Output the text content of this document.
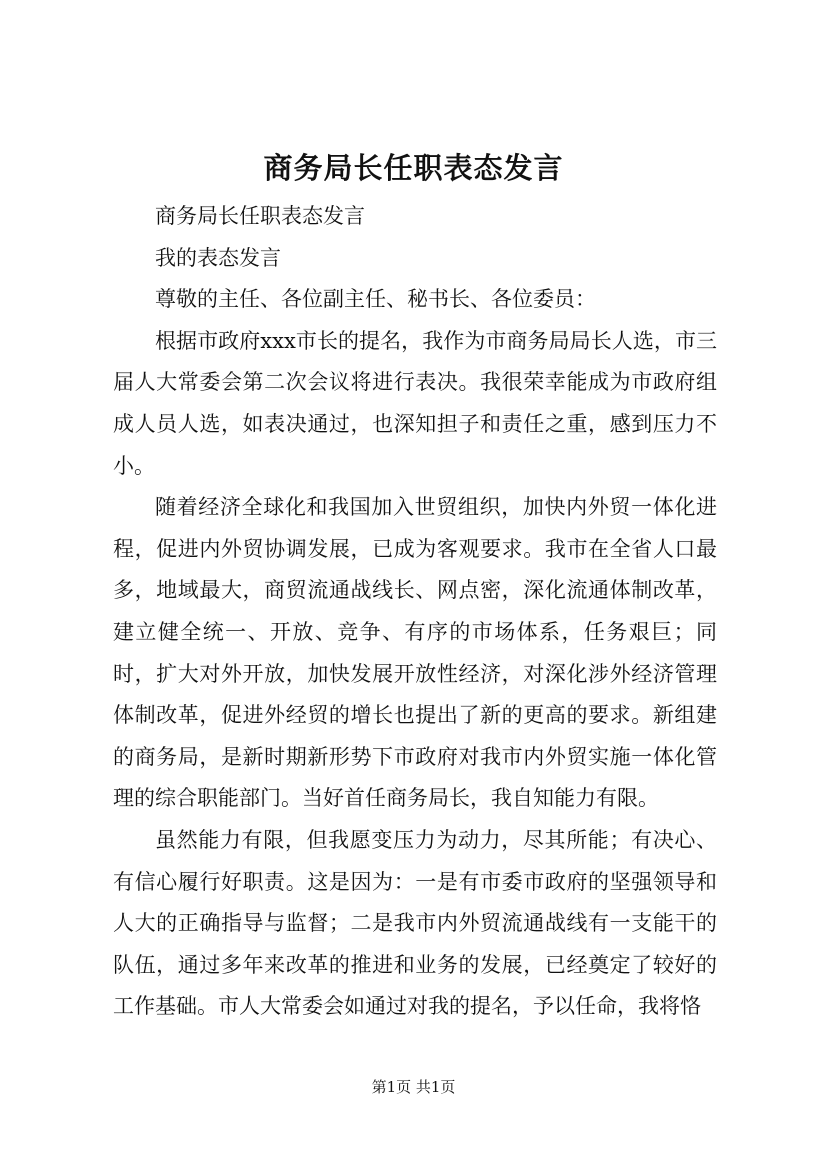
商务局长任职表态发言

商务局长任职表态发言

我的表态发言

尊敬的主任、各位副主任、秘书长、各位委员：

根据市政府xxx市长的提名，我作为市商务局局长人选，市三届人大常委会第二次会议将进行表决。我很荣幸能成为市政府组成人员人选，如表决通过，也深知担子和责任之重，感到压力不小。

随着经济全球化和我国加入世贸组织，加快内外贸一体化进程，促进内外贸协调发展，已成为客观要求。我市在全省人口最多，地域最大，商贸流通战线长、网点密，深化流通体制改革，建立健全统一、开放、竞争、有序的市场体系，任务艰巨；同时，扩大对外开放，加快发展开放性经济，对深化涉外经济管理体制改革，促进外经贸的增长也提出了新的更高的要求。新组建的商务局，是新时期新形势下市政府对我市内外贸实施一体化管理的综合职能部门。当好首任商务局长，我自知能力有限。

虽然能力有限，但我愿变压力为动力，尽其所能；有决心、有信心履行好职责。这是因为：一是有市委市政府的坚强领导和人大的正确指导与监督；二是我市内外贸流通战线有一支能干的队伍，通过多年来改革的推进和业务的发展，已经奠定了较好的工作基础。市人大常委会如通过对我的提名，予以任命，我将恪

第1页 共1页
